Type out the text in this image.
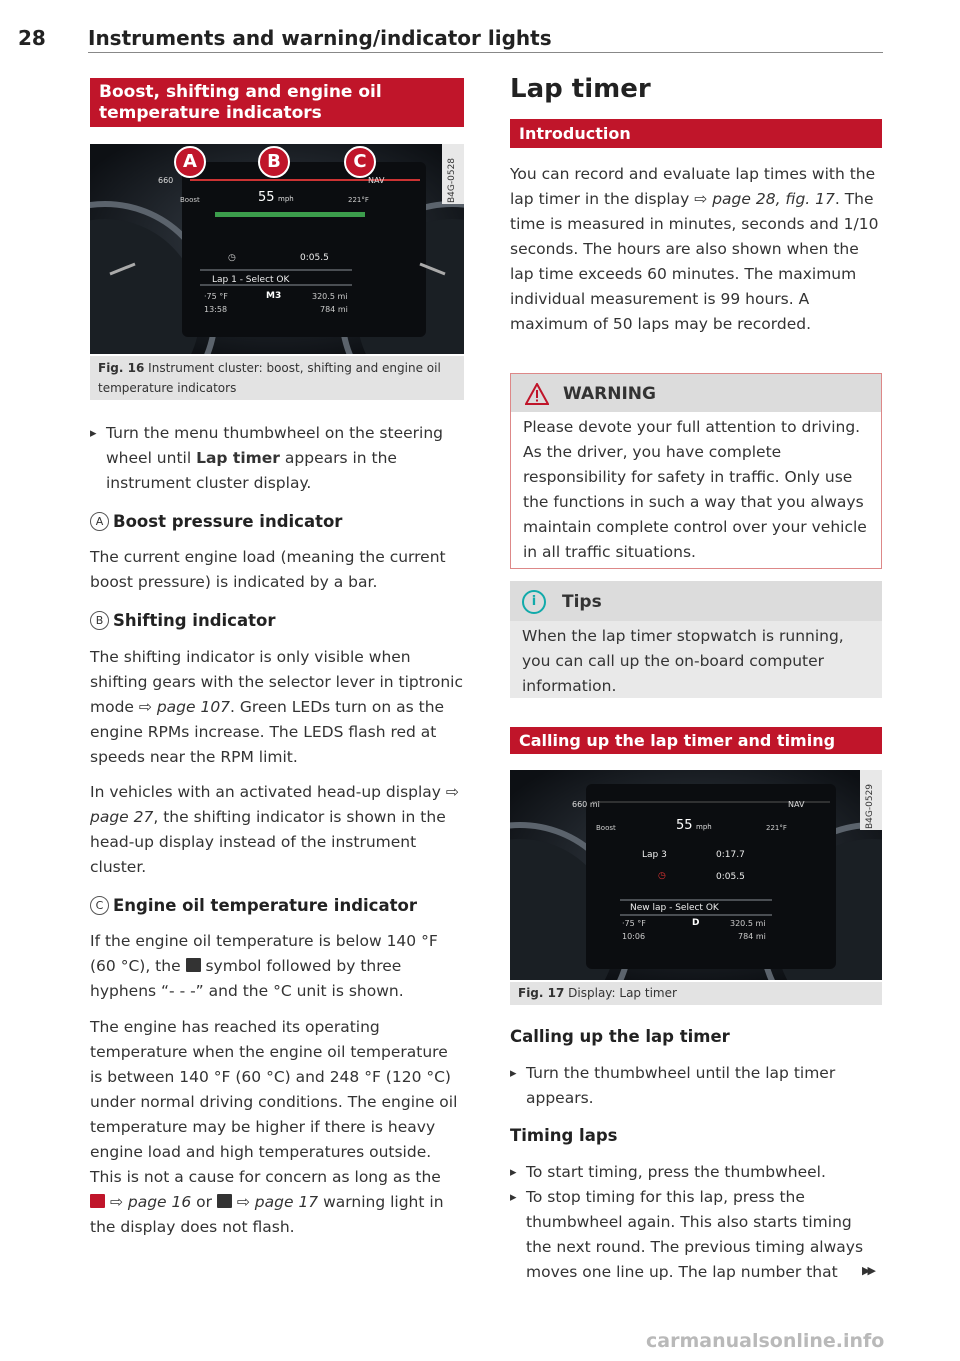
28 Instruments and warning/indicator lights
Boost, shifting and engine oil temperature indicators
A	B	C
660
Boost	55 mph
NAV
221°F
◷	0:05.5
Lap 1 - Select OK
·75 °F	M3	320.5 mi
13:58	784 mi
B4G-0528
Fig. 16 Instrument cluster: boost, shifting and engine oil temperature indicators

▸ Turn the menu thumbwheel on the steering wheel until Lap timer appears in the instrument cluster display.

A Boost pressure indicator

The current engine load (meaning the current boost pressure) is indicated by a bar.

B Shifting indicator

The shifting indicator is only visible when shifting gears with the selector lever in tiptronic mode ⇨ page 107. Green LEDs turn on as the engine RPMs increase. The LEDS flash red at speeds near the RPM limit.

In vehicles with an activated head-up display ⇨ page 27, the shifting indicator is shown in the head-up display instead of the instrument cluster.

C Engine oil temperature indicator

If the engine oil temperature is below 140 °F (60 °C), the symbol followed by three hyphens “- - -” and the °C unit is shown.

The engine has reached its operating temperature when the engine oil temperature is between 140 °F (60 °C) and 248 °F (120 °C) under normal driving conditions. The engine oil temperature may be higher if there is heavy engine load and high temperatures outside. This is not a cause for concern as long as the
⇨ page 16 or ⇨ page 17 warning light in the display does not flash.

Lap timer
Introduction

You can record and evaluate lap times with the lap timer in the display ⇨ page 28, fig. 17. The time is measured in minutes, seconds and 1/10 seconds. The hours are also shown when the lap time exceeds 60 minutes. The maximum individual measurement is 99 hours. A maximum of 50 laps may be recorded.

WARNING

Please devote your full attention to driving. As the driver, you have complete responsibility for safety in traffic. Only use the functions in such a way that you always maintain complete control over your vehicle in all traffic situations.

i	Tips

When the lap timer stopwatch is running, you can call up the on-board computer information.

Calling up the lap timer and timing
660 mi
Boost	55 mph
NAV
221°F
Lap 3	0:17.7
◷	0:05.5
New lap - Select OK
·75 °F	D	320.5 mi
10:06	784 mi
B4G-0529
Fig. 17 Display: Lap timer
Calling up the lap timer

▸ Turn the thumbwheel until the lap timer appears.

Timing laps

▸ To start timing, press the thumbwheel.

▸ To stop timing for this lap, press the thumbwheel again. This also starts timing the next round. The previous timing always moves one line up. The lap number that	▶▶
carmanualsonline.info
